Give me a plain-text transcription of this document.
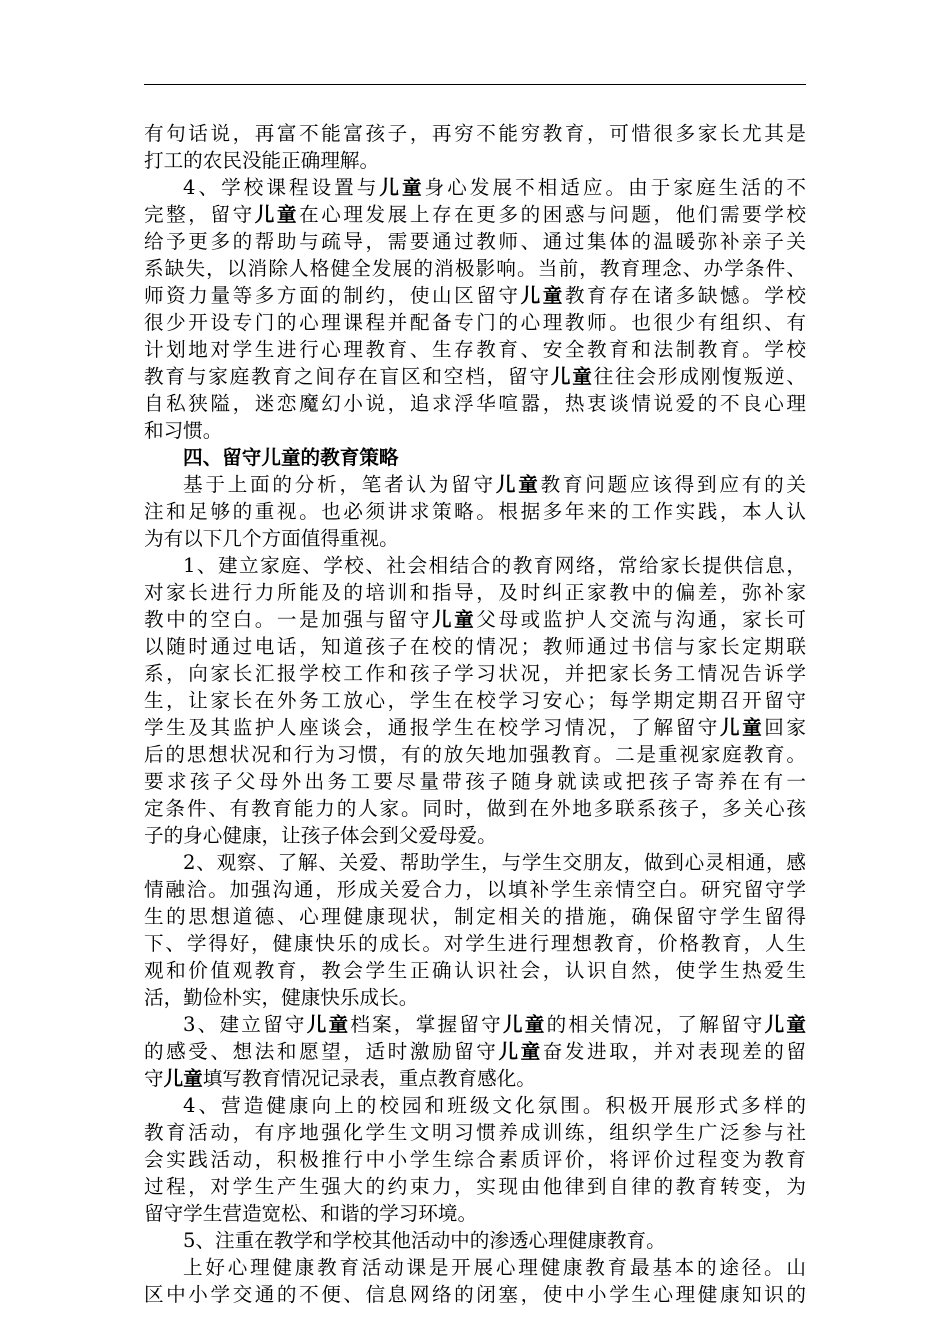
有句话说，再富不能富孩子，再穷不能穷教育，可惜很多家长尤其是

打工的农民没能正确理解。

4、学校课程设置与儿童身心发展不相适应。由于家庭生活的不

完整，留守儿童在心理发展上存在更多的困惑与问题，他们需要学校

给予更多的帮助与疏导，需要通过教师、通过集体的温暖弥补亲子关

系缺失，以消除人格健全发展的消极影响。当前，教育理念、办学条件、

师资力量等多方面的制约，使山区留守儿童教育存在诸多缺憾。学校

很少开设专门的心理课程并配备专门的心理教师。也很少有组织、有

计划地对学生进行心理教育、生存教育、安全教育和法制教育。学校

教育与家庭教育之间存在盲区和空档，留守儿童往往会形成刚愎叛逆、

自私狭隘，迷恋魔幻小说，追求浮华喧嚣，热衷谈情说爱的不良心理

和习惯。

四、留守儿童的教育策略

基于上面的分析，笔者认为留守儿童教育问题应该得到应有的关

注和足够的重视。也必须讲求策略。根据多年来的工作实践，本人认

为有以下几个方面值得重视。

1、建立家庭、学校、社会相结合的教育网络，常给家长提供信息，

对家长进行力所能及的培训和指导，及时纠正家教中的偏差，弥补家

教中的空白。一是加强与留守儿童父母或监护人交流与沟通，家长可

以随时通过电话，知道孩子在校的情况；教师通过书信与家长定期联

系，向家长汇报学校工作和孩子学习状况，并把家长务工情况告诉学

生，让家长在外务工放心，学生在校学习安心；每学期定期召开留守

学生及其监护人座谈会，通报学生在校学习情况，了解留守儿童回家

后的思想状况和行为习惯，有的放矢地加强教育。二是重视家庭教育。

要求孩子父母外出务工要尽量带孩子随身就读或把孩子寄养在有一

定条件、有教育能力的人家。同时，做到在外地多联系孩子，多关心孩

子的身心健康，让孩子体会到父爱母爱。

2、观察、了解、关爱、帮助学生，与学生交朋友，做到心灵相通，感

情融洽。加强沟通，形成关爱合力，以填补学生亲情空白。研究留守学

生的思想道德、心理健康现状，制定相关的措施，确保留守学生留得

下、学得好，健康快乐的成长。对学生进行理想教育，价格教育，人生

观和价值观教育，教会学生正确认识社会，认识自然，使学生热爱生

活，勤俭朴实，健康快乐成长。

3、建立留守儿童档案，掌握留守儿童的相关情况，了解留守儿童

的感受、想法和愿望，适时激励留守儿童奋发进取，并对表现差的留

守儿童填写教育情况记录表，重点教育感化。

4、营造健康向上的校园和班级文化氛围。积极开展形式多样的

教育活动，有序地强化学生文明习惯养成训练，组织学生广泛参与社

会实践活动，积极推行中小学生综合素质评价，将评价过程变为教育

过程，对学生产生强大的约束力，实现由他律到自律的教育转变，为

留守学生营造宽松、和谐的学习环境。

5、注重在教学和学校其他活动中的渗透心理健康教育。

上好心理健康教育活动课是开展心理健康教育最基本的途径。山

区中小学交通的不便、信息网络的闭塞，使中小学生心理健康知识的
